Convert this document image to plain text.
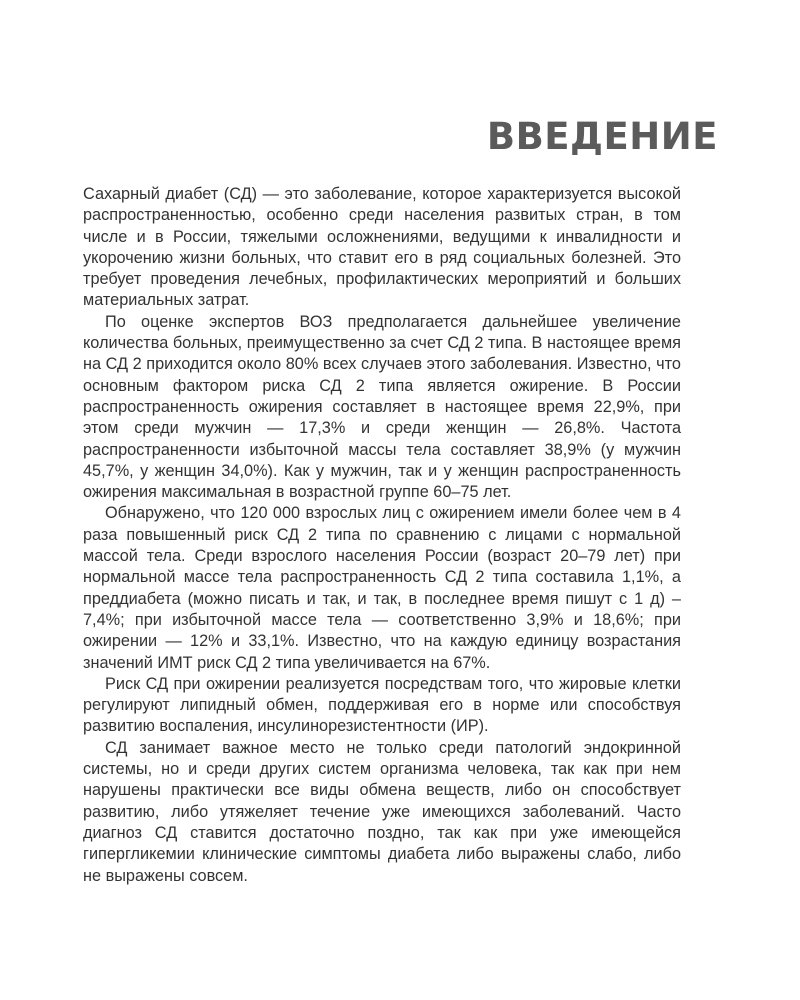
ВВЕДЕНИЕ

Сахарный диабет (СД) — это заболевание, которое характеризуется высокой распространенностью, особенно среди населения развитых стран, в том числе и в России, тяжелыми осложнениями, ведущими к инвалидности и укорочению жизни больных, что ставит его в ряд социальных болезней. Это требует проведения лечебных, профилактических мероприятий и больших материальных затрат.

По оценке экспертов ВОЗ предполагается дальнейшее увеличение количества больных, преимущественно за счет СД 2 типа. В настоящее время на СД 2 приходится около 80% всех случаев этого заболевания. Известно, что основным фактором риска СД 2 типа является ожирение. В России распространенность ожирения составляет в настоящее время 22,9%, при этом среди мужчин — 17,3% и среди женщин — 26,8%. Частота распространенности избыточной массы тела составляет 38,9% (у мужчин 45,7%, у женщин 34,0%). Как у мужчин, так и у женщин распространенность ожирения максимальная в возрастной группе 60–75 лет.

Обнаружено, что 120 000 взрослых лиц с ожирением имели более чем в 4 раза повышенный риск СД 2 типа по сравнению с лицами с нормальной массой тела. Среди взрослого населения России (возраст 20–79 лет) при нормальной массе тела распространенность СД 2 типа составила 1,1%, а преддиабета (можно писать и так, и так, в последнее время пишут с 1 д) – 7,4%; при избыточной массе тела — соответственно 3,9% и 18,6%; при ожирении — 12% и 33,1%. Известно, что на каждую единицу возрастания значений ИМТ риск СД 2 типа увеличивается на 67%.

Риск СД при ожирении реализуется посредствам того, что жировые клетки регулируют липидный обмен, поддерживая его в норме или способствуя развитию воспаления, инсулинорезистентности (ИР).

СД занимает важное место не только среди патологий эндокринной системы, но и среди других систем организма человека, так как при нем нарушены практически все виды обмена веществ, либо он способствует развитию, либо утяжеляет течение уже имеющихся заболеваний. Часто диагноз СД ставится достаточно поздно, так как при уже имеющейся гипергликемии клинические симптомы диабета либо выражены слабо, либо не выражены совсем.
